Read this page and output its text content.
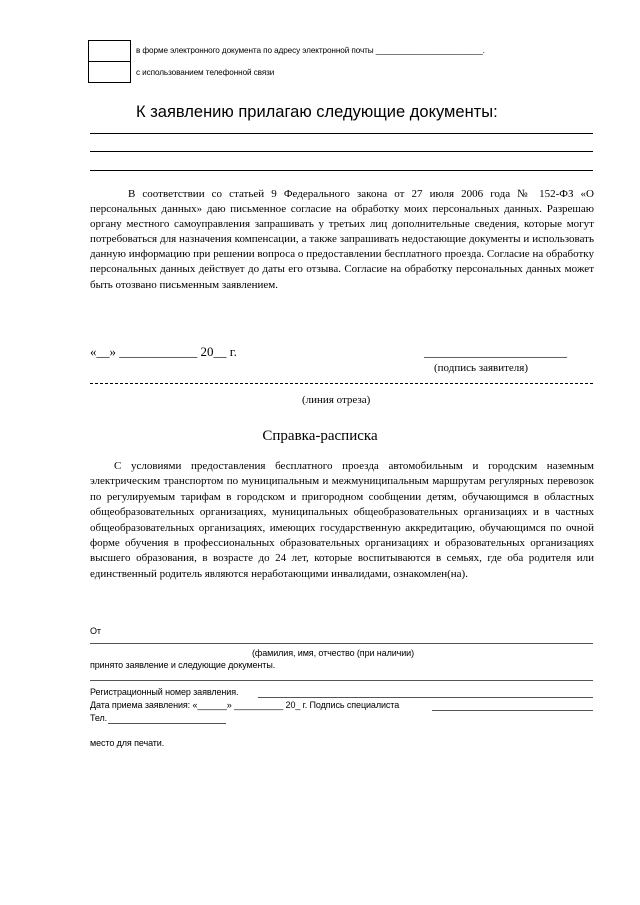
в форме электронного документа по адресу электронной почты ________________________.
с использованием телефонной связи
К заявлению прилагаю следующие документы:
В соответствии со статьей 9 Федерального закона от 27 июля 2006 года № 152-ФЗ «О персональных данных» даю письменное согласие на обработку моих персональных данных. Разрешаю органу местного самоуправления запрашивать у третьих лиц дополнительные сведения, которые могут потребоваться для назначения компенсации, а также запрашивать недостающие документы и использовать данную информацию при решении вопроса о предоставлении бесплатного проезда. Согласие на обработку персональных данных действует до даты его отзыва. Согласие на обработку персональных данных может быть отозвано письменным заявлением.
«__» ____________ 20__ г.	______________________
(подпись заявителя)
(линия отреза)
Справка-расписка
С условиями предоставления бесплатного проезда автомобильным и городским наземным электрическим транспортом по муниципальным и межмуниципальным маршрутам регулярных перевозок по регулируемым тарифам в городском и пригородном сообщении детям, обучающимся в областных общеобразовательных организациях, муниципальных общеобразовательных организациях и в частных общеобразовательных организациях, имеющих государственную аккредитацию, обучающимся по очной форме обучения в профессиональных образовательных организациях и образовательных организациях высшего образования, в возрасте до 24 лет, которые воспитываются в семьях, где оба родителя или единственный родитель являются неработающими инвалидами, ознакомлен(на).
От
(фамилия, имя, отчество (при наличии)
принято заявление и следующие документы.
Регистрационный номер заявления.
Дата приема заявления: «______» __________ 20_ г. Подпись специалиста
Тел.
место для печати.
